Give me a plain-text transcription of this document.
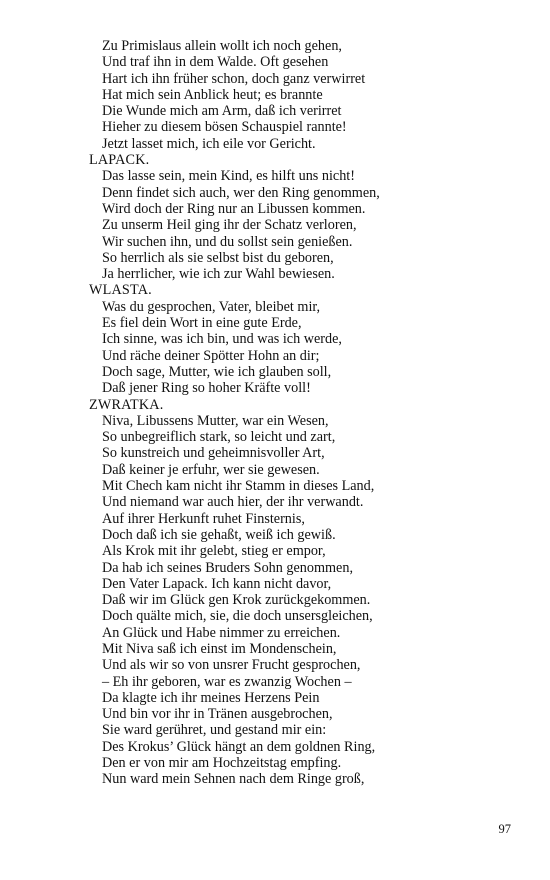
Zu Primislaus allein wollt ich noch gehen,
Und traf ihn in dem Walde. Oft gesehen
Hart ich ihn früher schon, doch ganz verwirret
Hat mich sein Anblick heut; es brannte
Die Wunde mich am Arm, daß ich verirret
Hieher zu diesem bösen Schauspiel rannte!
Jetzt lasset mich, ich eile vor Gericht.
LAPACK.
Das lasse sein, mein Kind, es hilft uns nicht!
Denn findet sich auch, wer den Ring genommen,
Wird doch der Ring nur an Libussen kommen.
Zu unserm Heil ging ihr der Schatz verloren,
Wir suchen ihn, und du sollst sein genießen.
So herrlich als sie selbst bist du geboren,
Ja herrlicher, wie ich zur Wahl bewiesen.
WLASTA.
Was du gesprochen, Vater, bleibet mir,
Es fiel dein Wort in eine gute Erde,
Ich sinne, was ich bin, und was ich werde,
Und räche deiner Spötter Hohn an dir;
Doch sage, Mutter, wie ich glauben soll,
Daß jener Ring so hoher Kräfte voll!
ZWRATKA.
Niva, Libussens Mutter, war ein Wesen,
So unbegreiflich stark, so leicht und zart,
So kunstreich und geheimnisvoller Art,
Daß keiner je erfuhr, wer sie gewesen.
Mit Chech kam nicht ihr Stamm in dieses Land,
Und niemand war auch hier, der ihr verwandt.
Auf ihrer Herkunft ruhet Finsternis,
Doch daß ich sie gehaßt, weiß ich gewiß.
Als Krok mit ihr gelebt, stieg er empor,
Da hab ich seines Bruders Sohn genommen,
Den Vater Lapack. Ich kann nicht davor,
Daß wir im Glück gen Krok zurückgekommen.
Doch quälte mich, sie, die doch unsersgleichen,
An Glück und Habe nimmer zu erreichen.
Mit Niva saß ich einst im Mondenschein,
Und als wir so von unsrer Frucht gesprochen,
– Eh ihr geboren, war es zwanzig Wochen –
Da klagte ich ihr meines Herzens Pein
Und bin vor ihr in Tränen ausgebrochen,
Sie ward gerühret, und gestand mir ein:
Des Krokus’ Glück hängt an dem goldnen Ring,
Den er von mir am Hochzeitstag empfing.
Nun ward mein Sehnen nach dem Ringe groß,
97
